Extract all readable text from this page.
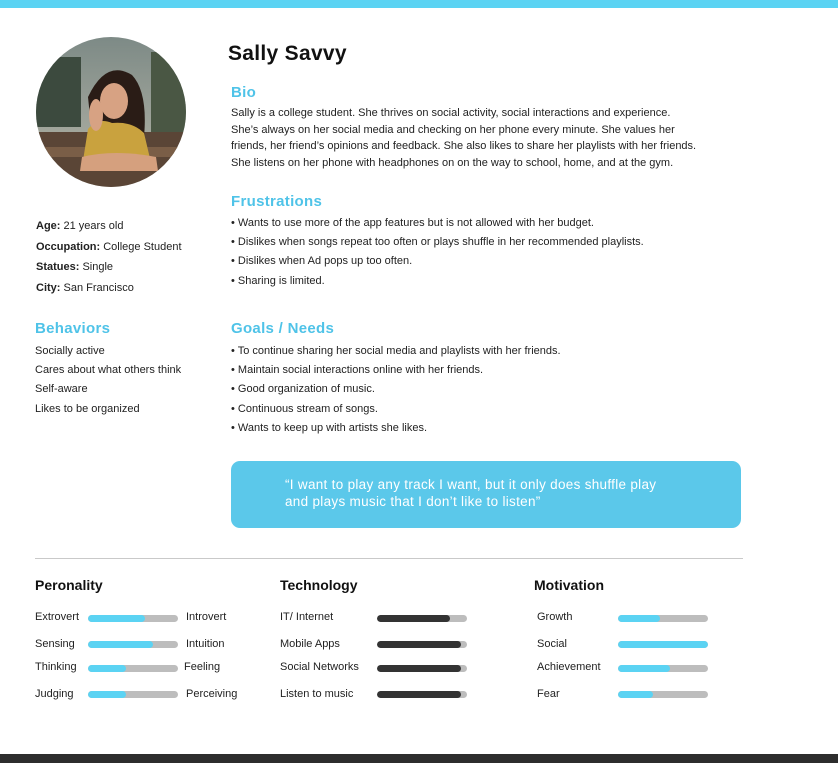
Sally Savvy
Age: 21 years old
Occupation: College Student
Statues: Single
City: San Francisco
Bio
Sally is a college student. She thrives on social activity, social interactions and experience.
She’s always on her social media and checking on her phone every minute. She values her
friends, her friend’s opinions and feedback. She also likes to share her playlists with her friends.
She listens on her phone with headphones on on the way to school, home, and at the gym.
Frustrations
• Wants to use more of the app features but is not allowed with her budget.
• Dislikes when songs repeat too often or plays shuffle in her recommended playlists.
• Dislikes when Ad pops up too often.
• Sharing is limited.
Behaviors
Socially active
Cares about what others think
Self-aware
Likes to be organized
Goals / Needs
• To continue sharing her social media and playlists with her friends.
• Maintain social interactions online with her friends.
• Good organization of music.
• Continuous stream of songs.
• Wants to keep up with artists she likes.
“I want to play any track I want, but it only does shuffle play
and plays music that I don’t like to listen”
Peronality
Extrovert	Introvert
Sensing	Intuition
Thinking	Feeling
Judging	Perceiving
Technology
IT/ Internet
Mobile Apps
Social Networks
Listen to music
Motivation
Growth
Social
Achievement
Fear
